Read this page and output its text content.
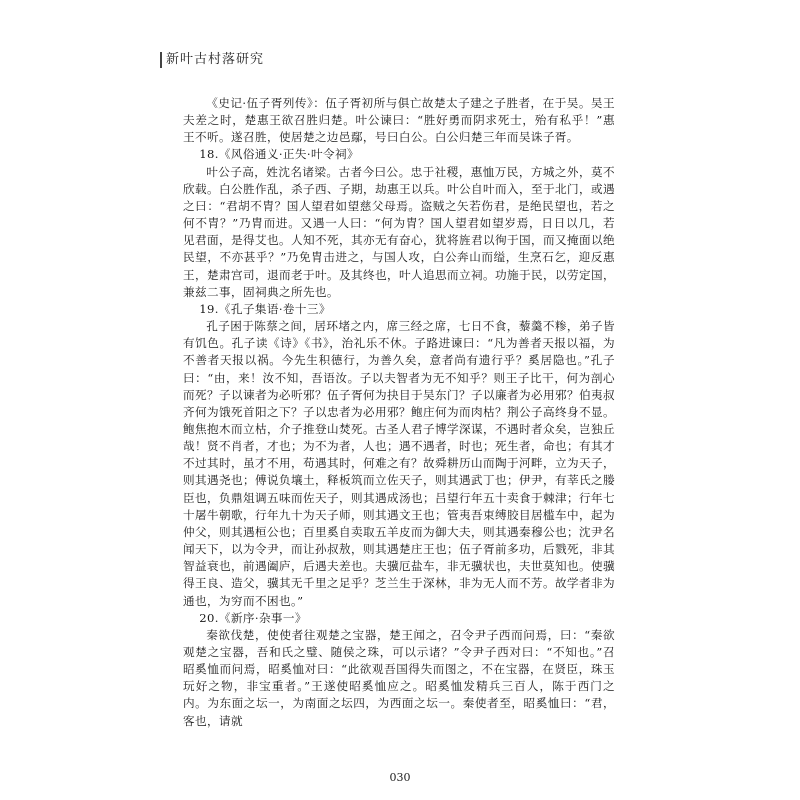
新叶古村落研究

《史记·伍子胥列传》：伍子胥初所与俱亡故楚太子建之子胜者，在于吴。吴王夫差之时，楚惠王欲召胜归楚。叶公谏曰：“胜好勇而阴求死士，殆有私乎！”惠王不听。遂召胜，使居楚之边邑鄢，号曰白公。白公归楚三年而吴诛子胥。

18.《风俗通义·正失·叶令祠》

叶公子高，姓沈名诸梁。古者今曰公。忠于社稷，惠恤万民，方城之外，莫不欣载。白公胜作乱，杀子西、子期，劫惠王以兵。叶公自叶而入，至于北门，或遇之曰：“君胡不胄？国人望君如望慈父母焉。盗贼之矢若伤君，是绝民望也，若之何不胄？”乃胄而进。又遇一人曰：“何为胄？国人望君如望岁焉，日日以几，若见君面，是得艾也。人知不死，其亦无有奋心，犹将旌君以徇于国，而又掩面以绝民望，不亦甚乎？”乃免胄击进之，与国人攻，白公奔山而缢，生烹石乞，迎反惠王，楚肃宫司，退而老于叶。及其终也，叶人追思而立祠。功施于民，以劳定国，兼兹二事，固祠典之所先也。

19.《孔子集语·卷十三》

孔子困于陈蔡之间，居环堵之内，席三经之席，七日不食，藜羹不糁，弟子皆有饥色。孔子读《诗》《书》，治礼乐不休。子路进谏曰：“凡为善者天报以福，为不善者天报以祸。今先生积德行，为善久矣，意者尚有遗行乎？奚居隐也。”孔子曰：“由，来！汝不知，吾语汝。子以夫智者为无不知乎？则王子比干，何为剖心而死？子以谏者为必听邪？伍子胥何为抉目于吴东门？子以廉者为必用邪？伯夷叔齐何为饿死首阳之下？子以忠者为必用邪？鲍庄何为而肉枯？荆公子高终身不显。鲍焦抱木而立枯，介子推登山焚死。古圣人君子博学深谋，不遇时者众矣，岂独丘哉！贤不肖者，才也；为不为者，人也；遇不遇者，时也；死生者，命也；有其才不过其时，虽才不用，苟遇其时，何难之有？故舜耕历山而陶于河畔，立为天子，则其遇尧也；傅说负壤土，释板筑而立佐天子，则其遇武丁也；伊尹，有莘氏之媵臣也，负鼎俎调五味而佐天子，则其遇成汤也；吕望行年五十卖食于棘津；行年七十屠牛朝歌，行年九十为天子师，则其遇文王也；管夷吾束缚胶目居槛车中，起为仲父，则其遇桓公也；百里奚自卖取五羊皮而为御大夫，则其遇秦穆公也；沈尹名闻天下，以为令尹，而让孙叔敖，则其遇楚庄王也；伍子胥前多功，后戮死，非其智益衰也，前遇阖庐，后遇夫差也。夫骥厄盐车，非无骥状也，夫世莫知也。使骥得王良、造父，骥其无千里之足乎？芝兰生于深林，非为无人而不芳。故学者非为通也，为穷而不困也。”

20.《新序·杂事一》

秦欲伐楚，使使者往观楚之宝器，楚王闻之，召令尹子西而问焉，曰：“秦欲观楚之宝器，吾和氏之璧、随侯之珠，可以示诸？”令尹子西对曰：“不知也。”召昭奚恤而问焉，昭奚恤对曰：“此欲观吾国得失而图之，不在宝器，在贤臣，珠玉玩好之物，非宝重者。”王遂使昭奚恤应之。昭奚恤发精兵三百人，陈于西门之内。为东面之坛一，为南面之坛四，为西面之坛一。秦使者至，昭奚恤曰：“君，客也，请就

030
